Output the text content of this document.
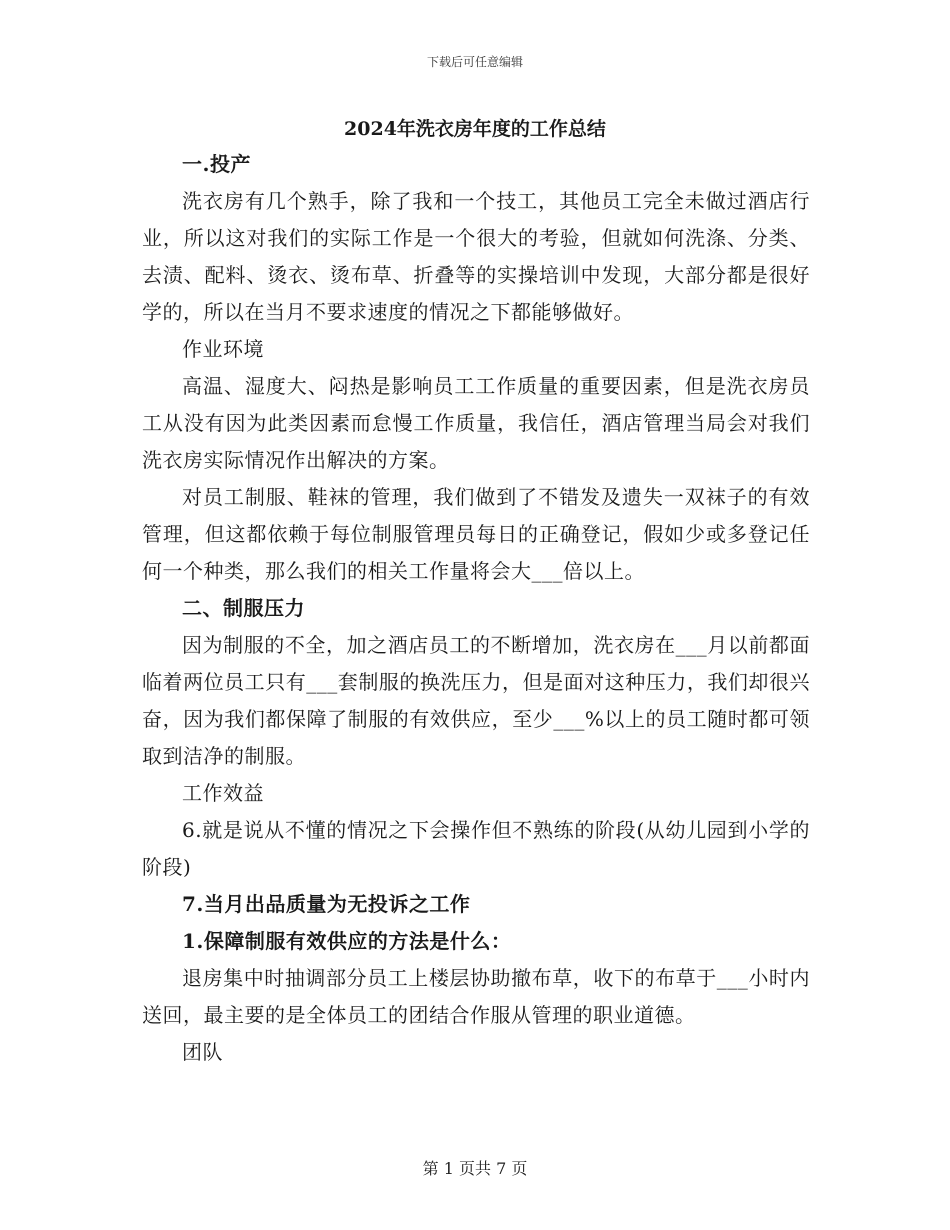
下载后可任意编辑
2024年洗衣房年度的工作总结

一.投产

洗衣房有几个熟手，除了我和一个技工，其他员工完全未做过酒店行业，所以这对我们的实际工作是一个很大的考验，但就如何洗涤、分类、去渍、配料、烫衣、烫布草、折叠等的实操培训中发现，大部分都是很好学的，所以在当月不要求速度的情况之下都能够做好。

作业环境

高温、湿度大、闷热是影响员工工作质量的重要因素，但是洗衣房员工从没有因为此类因素而怠慢工作质量，我信任，酒店管理当局会对我们洗衣房实际情况作出解决的方案。

对员工制服、鞋袜的管理，我们做到了不错发及遗失一双袜子的有效管理，但这都依赖于每位制服管理员每日的正确登记，假如少或多登记任何一个种类，那么我们的相关工作量将会大___倍以上。

二、制服压力

因为制服的不全，加之酒店员工的不断增加，洗衣房在___月以前都面临着两位员工只有___套制服的换洗压力，但是面对这种压力，我们却很兴奋，因为我们都保障了制服的有效供应，至少___%以上的员工随时都可领取到洁净的制服。

工作效益

6.就是说从不懂的情况之下会操作但不熟练的阶段(从幼儿园到小学的阶段)

7.当月出品质量为无投诉之工作

1.保障制服有效供应的方法是什么：

退房集中时抽调部分员工上楼层协助撤布草，收下的布草于___小时内送回，最主要的是全体员工的团结合作服从管理的职业道德。

团队

第 1 页共 7 页
